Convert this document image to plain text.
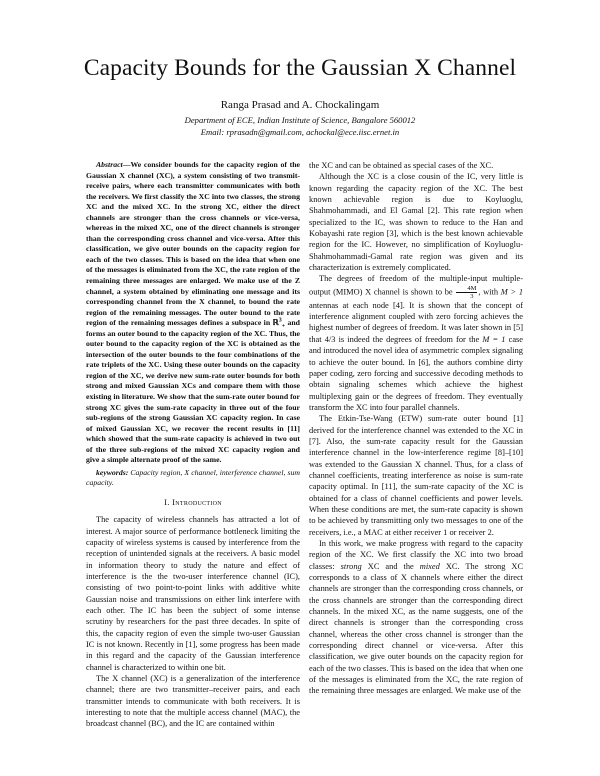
Capacity Bounds for the Gaussian X Channel
Ranga Prasad and A. Chockalingam
Department of ECE, Indian Institute of Science, Bangalore 560012
Email: rprasadn@gmail.com, achockal@ece.iisc.ernet.in

Abstract—We consider bounds for the capacity region of the Gaussian X channel (XC), a system consisting of two transmit-receive pairs, where each transmitter communicates with both the receivers. We first classify the XC into two classes, the strong XC and the mixed XC. In the strong XC, either the direct channels are stronger than the cross channels or vice-versa, whereas in the mixed XC, one of the direct channels is stronger than the corresponding cross channel and vice-versa. After this classification, we give outer bounds on the capacity region for each of the two classes. This is based on the idea that when one of the messages is eliminated from the XC, the rate region of the remaining three messages are enlarged. We make use of the Z channel, a system obtained by eliminating one message and its corresponding channel from the X channel, to bound the rate region of the remaining messages. The outer bound to the rate region of the remaining messages defines a subspace in ℝ$^3_+$ and forms an outer bound to the capacity region of the XC. Thus, the outer bound to the capacity region of the XC is obtained as the intersection of the outer bounds to the four combinations of the rate triplets of the XC. Using these outer bounds on the capacity region of the XC, we derive new sum-rate outer bounds for both strong and mixed Gaussian XCs and compare them with those existing in literature. We show that the sum-rate outer bound for strong XC gives the sum-rate capacity in three out of the four sub-regions of the strong Gaussian XC capacity region. In case of mixed Gaussian XC, we recover the recent results in [11] which showed that the sum-rate capacity is achieved in two out of the three sub-regions of the mixed XC capacity region and give a simple alternate proof of the same.

keywords: Capacity region, X channel, interference channel, sum capacity.

I. Introduction

The capacity of wireless channels has attracted a lot of interest. A major source of performance bottleneck limiting the capacity of wireless systems is caused by interference from the reception of unintended signals at the receivers. A basic model in information theory to study the nature and effect of interference is the the two-user interference channel (IC), consisting of two point-to-point links with additive white Gaussian noise and transmissions on either link interfere with each other. The IC has been the subject of some intense scrutiny by researchers for the past three decades. In spite of this, the capacity region of even the simple two-user Gaussian IC is not known. Recently in [1], some progress has been made in this regard and the capacity of the Gaussian interference channel is characterized to within one bit.

The X channel (XC) is a generalization of the interference channel; there are two transmitter–receiver pairs, and each transmitter intends to communicate with both receivers. It is interesting to note that the multiple access channel (MAC), the broadcast channel (BC), and the IC are contained within

the XC and can be obtained as special cases of the XC.

Although the XC is a close cousin of the IC, very little is known regarding the capacity region of the XC. The best known achievable region is due to Koyluoglu, Shahmohammadi, and El Gamal [2]. This rate region when specialized to the IC, was shown to reduce to the Han and Kobayashi rate region [3], which is the best known achievable region for the IC. However, no simplification of Koyluoglu-Shahmohammadi-Gamal rate region was given and its characterization is extremely complicated.

The degrees of freedom of the multiple-input multiple-output (MIMO) X channel is shown to be $\frac{4M}{3}$ , with M > 1 antennas at each node [4]. It is shown that the concept of interference alignment coupled with zero forcing achieves the highest number of degrees of freedom. It was later shown in [5] that 4/3 is indeed the degrees of freedom for the M = 1 case and introduced the novel idea of asymmetric complex signaling to achieve the outer bound. In [6], the authors combine dirty paper coding, zero forcing and successive decoding methods to obtain signaling schemes which achieve the highest multiplexing gain or the degrees of freedom. They eventually transform the XC into four parallel channels.

The Etkin-Tse-Wang (ETW) sum-rate outer bound [1] derived for the interference channel was extended to the XC in [7]. Also, the sum-rate capacity result for the Gaussian interference channel in the low-interference regime [8]–[10] was extended to the Gaussian X channel. Thus, for a class of channel coefficients, treating interference as noise is sum-rate capacity optimal. In [11], the sum-rate capacity of the XC is obtained for a class of channel coefficients and power levels. When these conditions are met, the sum-rate capacity is shown to be achieved by transmitting only two messages to one of the receivers, i.e., a MAC at either receiver 1 or receiver 2.

In this work, we make progress with regard to the capacity region of the XC. We first classify the XC into two broad classes: strong XC and the mixed XC. The strong XC corresponds to a class of X channels where either the direct channels are stronger than the corresponding cross channels, or the cross channels are stronger than the corresponding direct channels. In the mixed XC, as the name suggests, one of the direct channels is stronger than the corresponding cross channel, whereas the other cross channel is stronger than the corresponding direct channel or vice-versa. After this classification, we give outer bounds on the capacity region for each of the two classes. This is based on the idea that when one of the messages is eliminated from the XC, the rate region of the remaining three messages are enlarged. We make use of the
